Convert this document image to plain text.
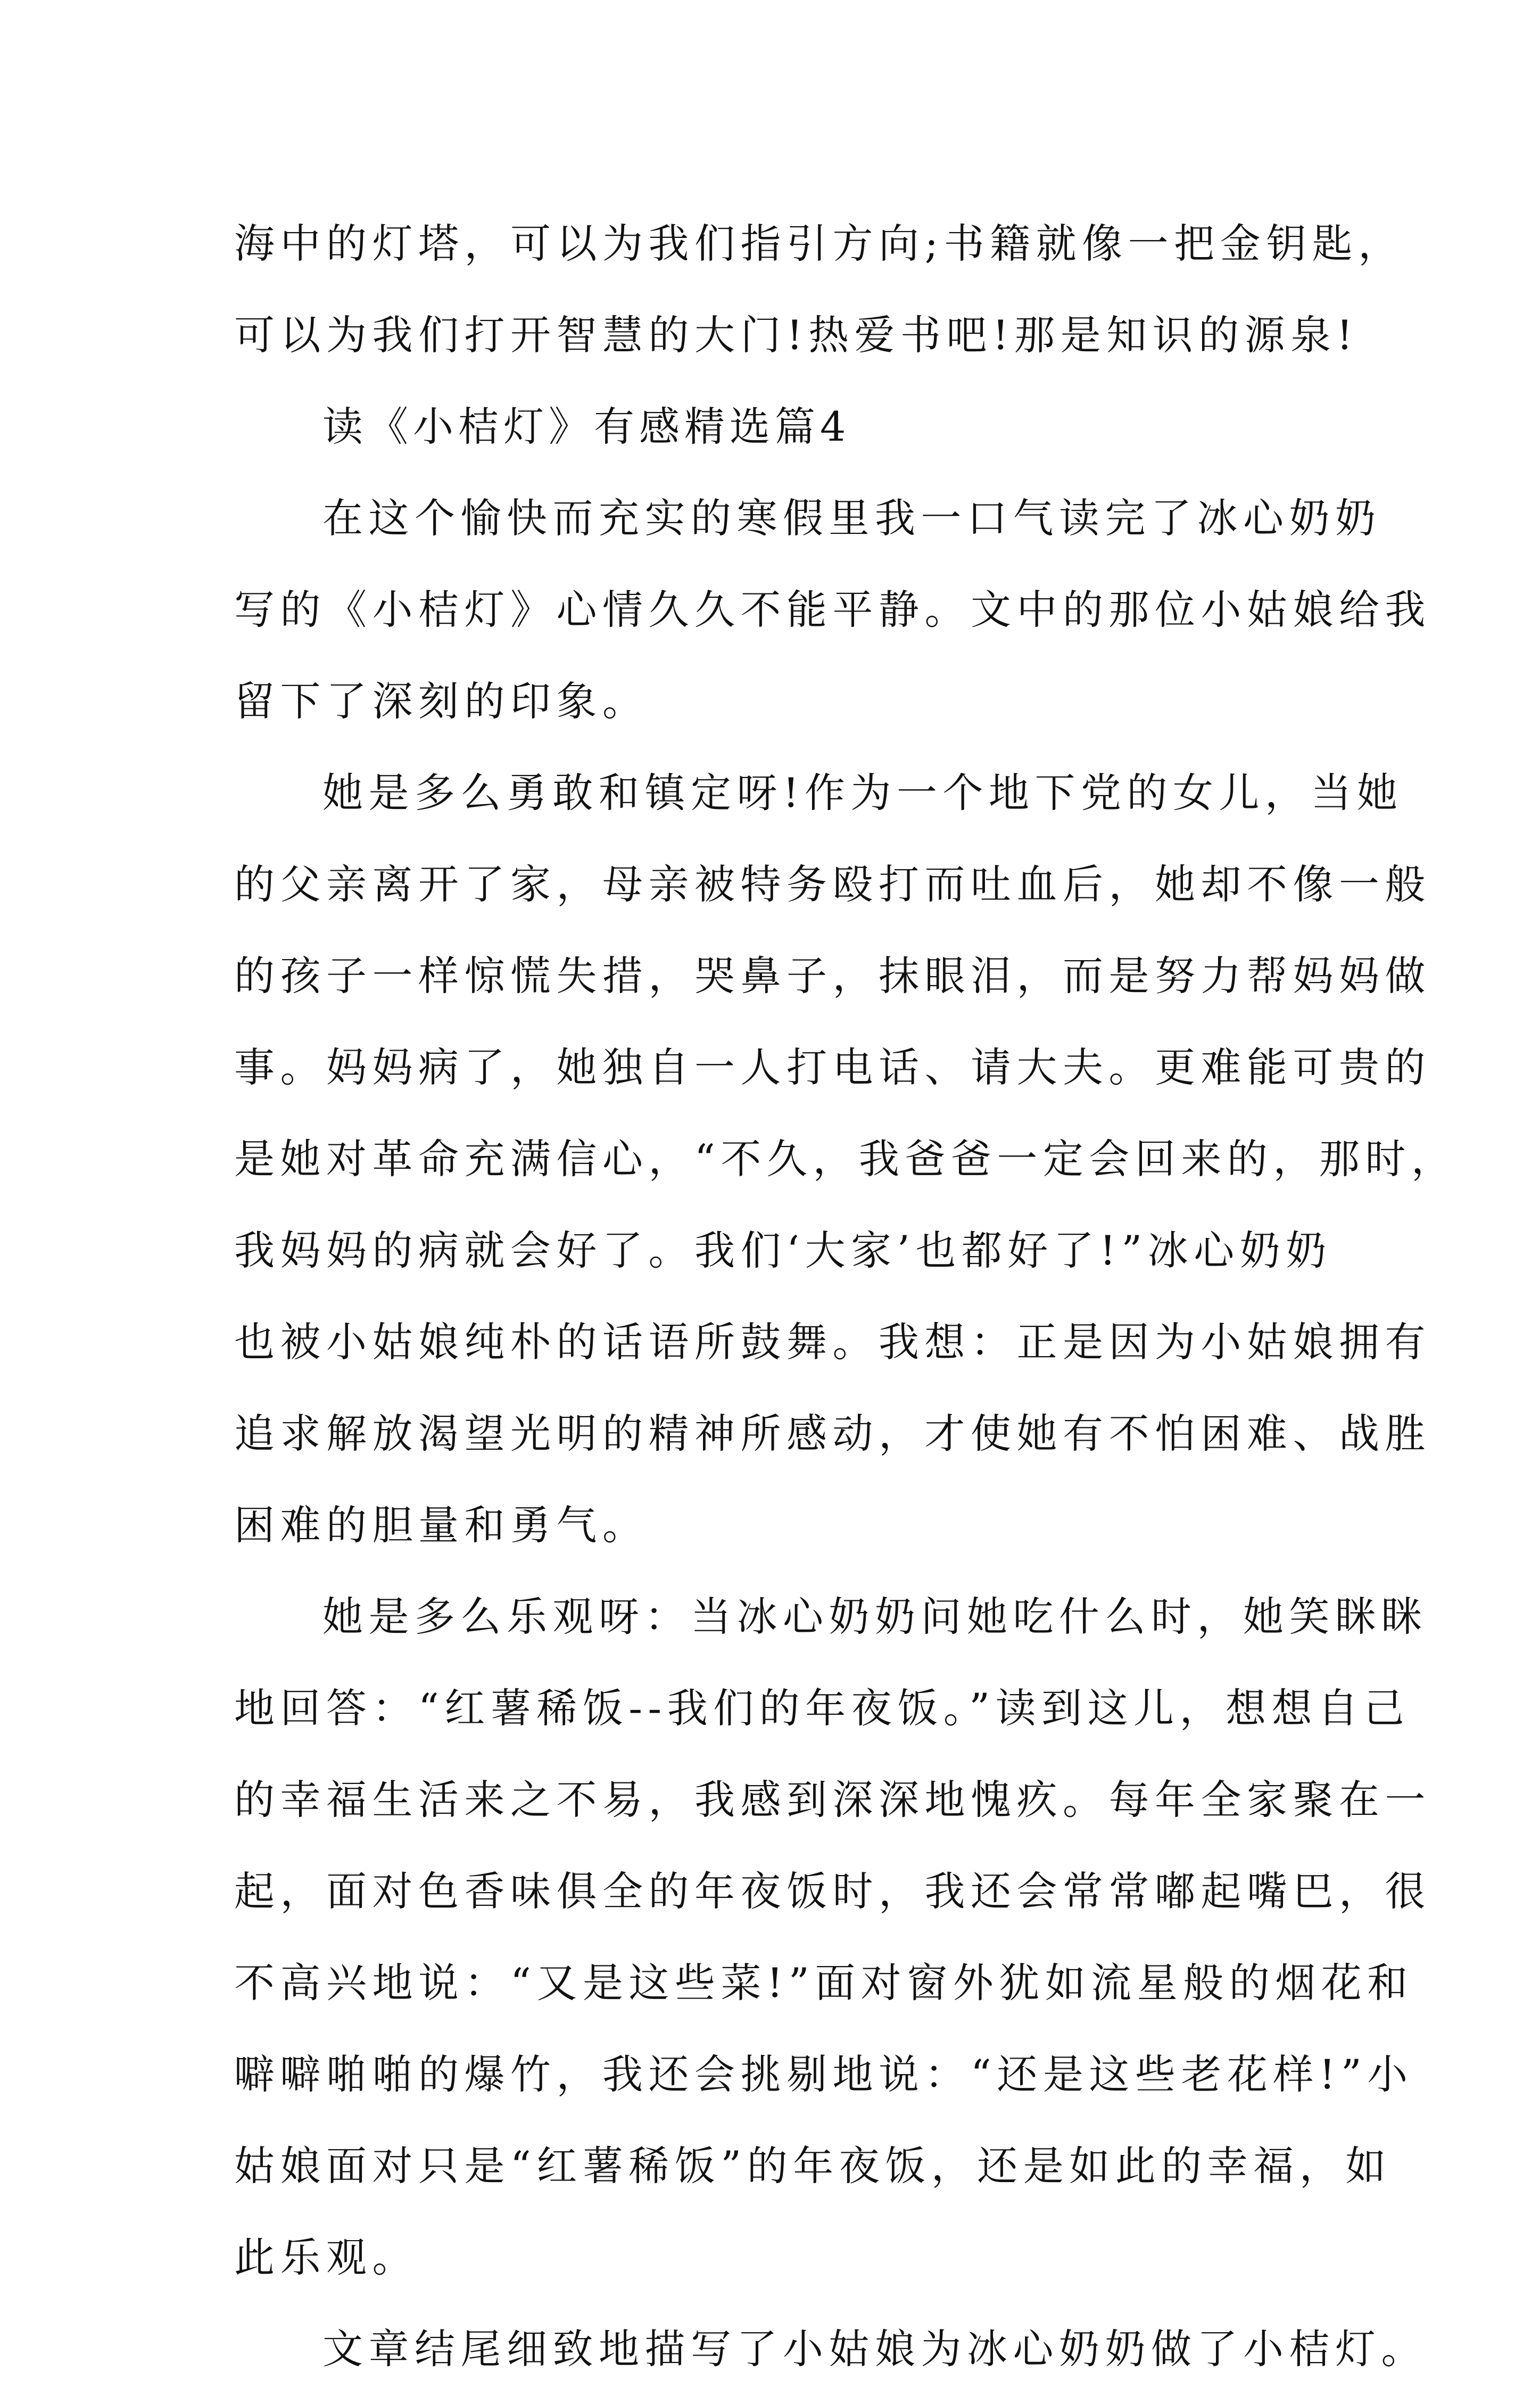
海中的灯塔，可以为我们指引方向;书籍就像一把金钥匙，
可以为我们打开智慧的大门!热爱书吧!那是知识的源泉!
读《小桔灯》有感精选篇4
在这个愉快而充实的寒假里我一口气读完了冰心奶奶
写的《小桔灯》心情久久不能平静。文中的那位小姑娘给我
留下了深刻的印象。
她是多么勇敢和镇定呀!作为一个地下党的女儿，当她
的父亲离开了家，母亲被特务殴打而吐血后，她却不像一般
的孩子一样惊慌失措，哭鼻子，抹眼泪，而是努力帮妈妈做
事。妈妈病了，她独自一人打电话、请大夫。更难能可贵的
是她对革命充满信心，“不久，我爸爸一定会回来的，那时，
我妈妈的病就会好了。我们‘大家’也都好了!”冰心奶奶
也被小姑娘纯朴的话语所鼓舞。我想：正是因为小姑娘拥有
追求解放渴望光明的精神所感动，才使她有不怕困难、战胜
困难的胆量和勇气。
她是多么乐观呀：当冰心奶奶问她吃什么时，她笑眯眯
地回答：“红薯稀饭--我们的年夜饭。”读到这儿，想想自己
的幸福生活来之不易，我感到深深地愧疚。每年全家聚在一
起，面对色香味俱全的年夜饭时，我还会常常嘟起嘴巴，很
不高兴地说：“又是这些菜!”面对窗外犹如流星般的烟花和
噼噼啪啪的爆竹，我还会挑剔地说：“还是这些老花样!”小
姑娘面对只是“红薯稀饭”的年夜饭，还是如此的幸福，如
此乐观。
文章结尾细致地描写了小姑娘为冰心奶奶做了小桔灯。
